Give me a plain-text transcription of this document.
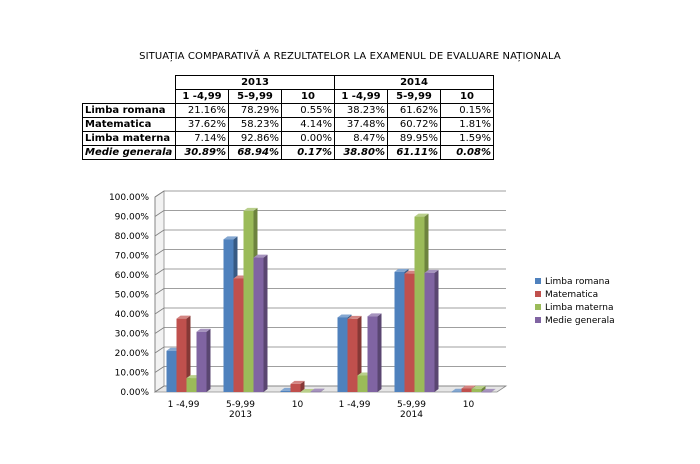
SITUAȚIA COMPARATIVĂ A REZULTATELOR LA EXAMENUL DE EVALUARE NAȚIONALA
	2013			2014		
	1 -4,99	5-9,99	10	1 -4,99	5-9,99	10
Limba romana	21.16%	78.29%	0.55%	38.23%	61.62%	0.15%
Matematica	37.62%	58.23%	4.14%	37.48%	60.72%	1.81%
Limba materna	7.14%	92.86%	0.00%	8.47%	89.95%	1.59%
Medie generala	30.89%	68.94%	0.17%	38.80%	61.11%	0.08%
0.00%
10.00%
20.00%
30.00%
40.00%
50.00%
60.00%
70.00%
80.00%
90.00%
100.00%
1 -4,99	5-9,99	10	1 -4,99	5-9,99	10
2013	2014
Limba romana
Matematica
Limba materna
Medie generala
